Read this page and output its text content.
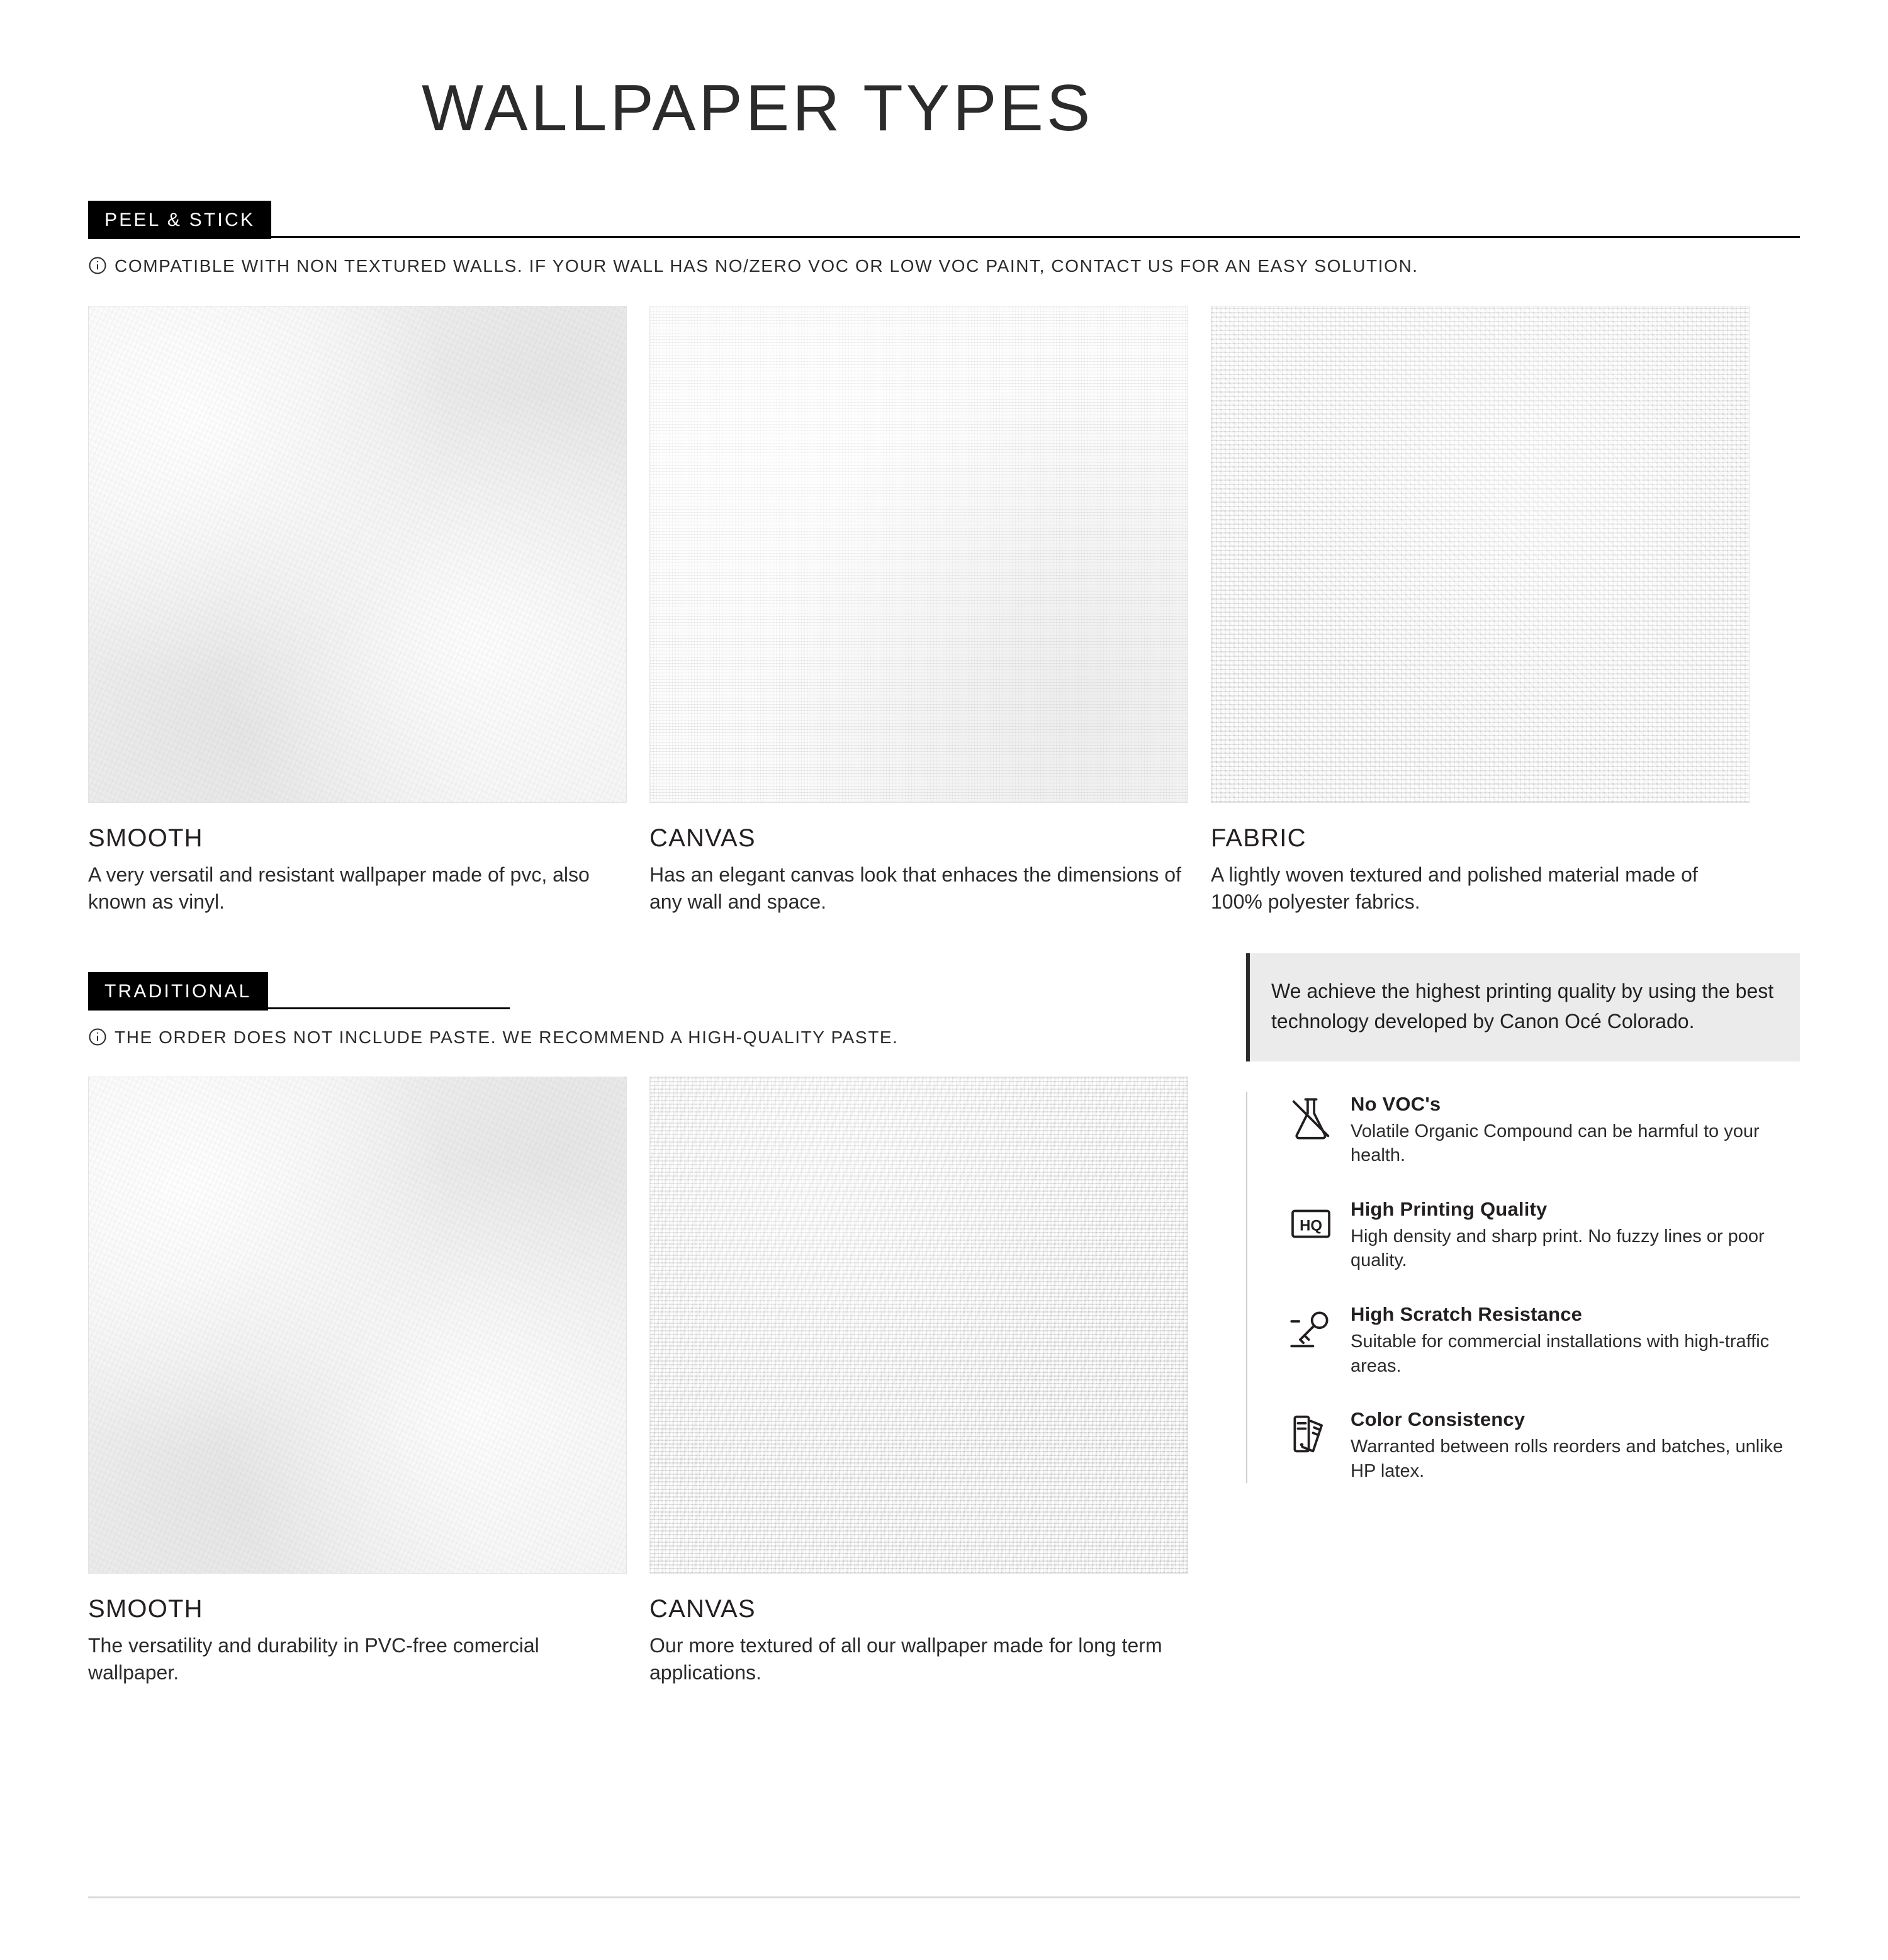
WALLPAPER TYPES
PEEL & STICK
COMPATIBLE WITH NON TEXTURED WALLS. IF YOUR WALL HAS NO/ZERO VOC OR LOW VOC PAINT, CONTACT US FOR AN EASY SOLUTION.
SMOOTH
A very versatil and resistant wallpaper made of pvc, also known as vinyl.
CANVAS
Has an elegant canvas look that enhaces the dimensions of any wall and space.
FABRIC
A lightly woven textured and polished material made of 100% polyester fabrics.
TRADITIONAL
THE ORDER DOES NOT INCLUDE PASTE. WE RECOMMEND A HIGH-QUALITY PASTE.
SMOOTH
The versatility and durability in PVC-free comercial wallpaper.
CANVAS
Our more textured of all our wallpaper made for long term applications.
We achieve the highest printing quality by using the best technology developed by Canon Océ Colorado.
No VOC's
Volatile Organic Compound can be harmful to your health.
HQ
High Printing Quality
High density and sharp print. No fuzzy lines or poor quality.
High Scratch Resistance
Suitable for commercial installations with high-traffic areas.
Color Consistency
Warranted between rolls reorders and batches, unlike HP latex.
